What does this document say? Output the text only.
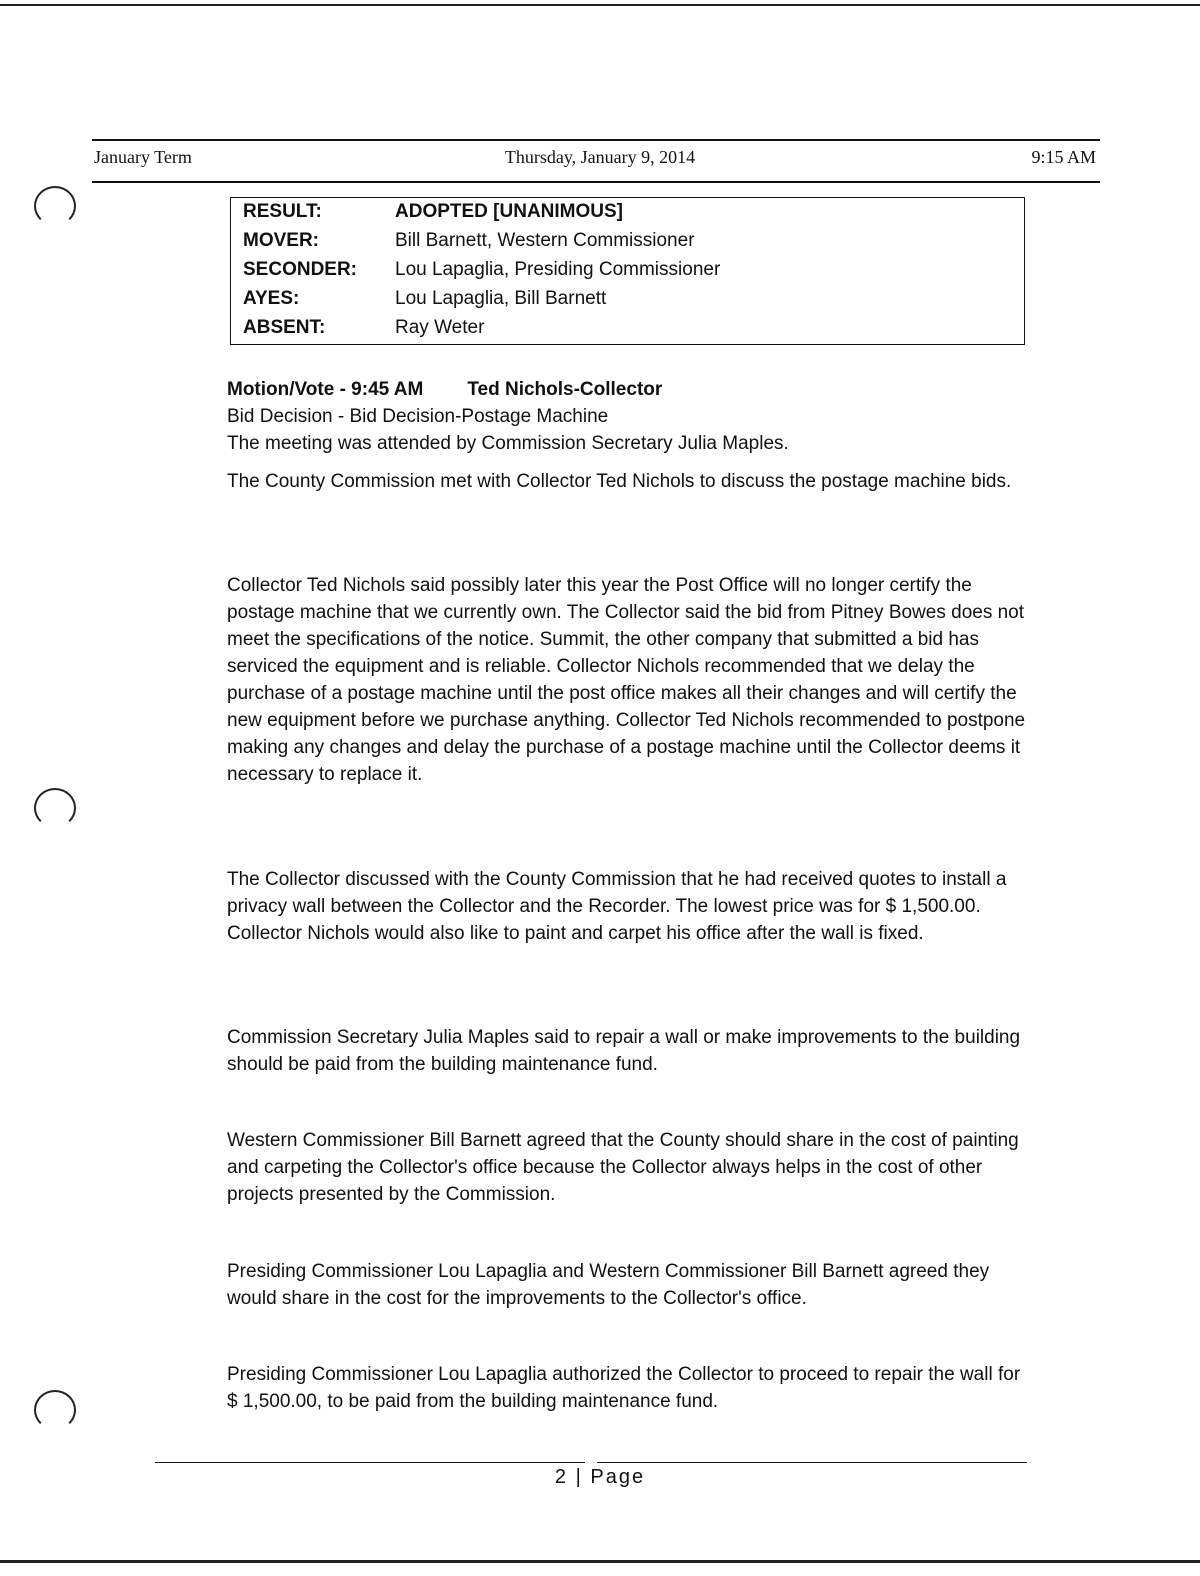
January Term	Thursday, January 9, 2014	9:15 AM
RESULT:	ADOPTED [UNANIMOUS]
MOVER:	Bill Barnett, Western Commissioner
SECONDER:	Lou Lapaglia, Presiding Commissioner
AYES:	Lou Lapaglia, Bill Barnett
ABSENT:	Ray Weter
Motion/Vote - 9:45 AM Ted Nichols-Collector
Bid Decision - Bid Decision-Postage Machine
The meeting was attended by Commission Secretary Julia Maples.
The County Commission met with Collector Ted Nichols to discuss the postage machine bids.
Collector Ted Nichols said possibly later this year the Post Office will no longer certify the postage machine that we currently own. The Collector said the bid from Pitney Bowes does not meet the specifications of the notice. Summit, the other company that submitted a bid has serviced the equipment and is reliable. Collector Nichols recommended that we delay the purchase of a postage machine until the post office makes all their changes and will certify the new equipment before we purchase anything. Collector Ted Nichols recommended to postpone making any changes and delay the purchase of a postage machine until the Collector deems it necessary to replace it.
The Collector discussed with the County Commission that he had received quotes to install a privacy wall between the Collector and the Recorder. The lowest price was for $ 1,500.00. Collector Nichols would also like to paint and carpet his office after the wall is fixed.
Commission Secretary Julia Maples said to repair a wall or make improvements to the building should be paid from the building maintenance fund.
Western Commissioner Bill Barnett agreed that the County should share in the cost of painting and carpeting the Collector's office because the Collector always helps in the cost of other projects presented by the Commission.
Presiding Commissioner Lou Lapaglia and Western Commissioner Bill Barnett agreed they would share in the cost for the improvements to the Collector's office.
Presiding Commissioner Lou Lapaglia authorized the Collector to proceed to repair the wall for $ 1,500.00, to be paid from the building maintenance fund.
2 | Page
